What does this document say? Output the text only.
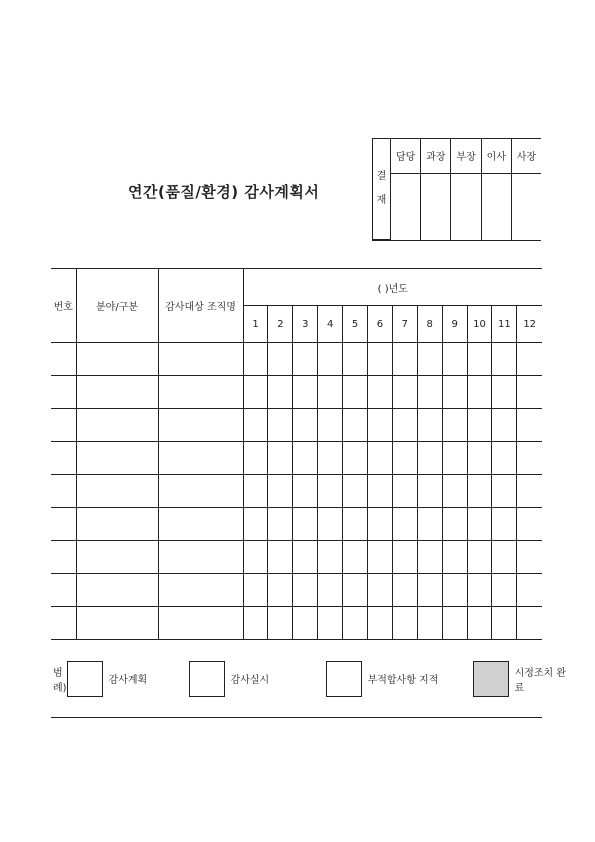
연간(품질/환경) 감사계획서
결
재	담당	과장	부장	이사	사장

번호	분야/구분	감사대상 조직명	( )년도											
			1	2	3	4	5	6	7	8	9	10	11	12

범례)
감사계획 감사실시 부적합사항 지적
시정조치 완료														
